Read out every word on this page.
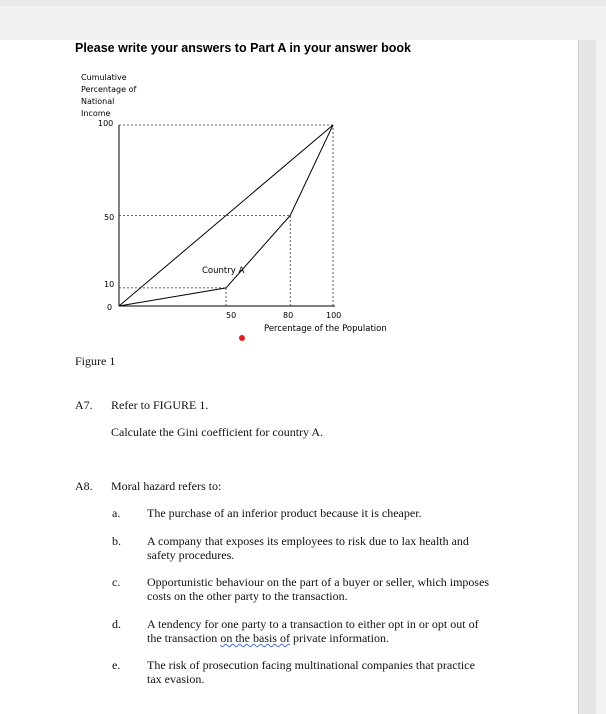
Please write your answers to Part A in your answer book
Cumulative
Percentage of
National
Income
100
50
10
0
50	80	100
Country A
Percentage of the Population
Figure 1
A7. Refer to FIGURE 1.
Calculate the Gini coefficient for country A.
A8. Moral hazard refers to:
a. The purchase of an inferior product because it is cheaper.
b. A company that exposes its employees to risk due to lax health and
safety procedures.
c. Opportunistic behaviour on the part of a buyer or seller, which imposes
costs on the other party to the transaction.
d. A tendency for one party to a transaction to either opt in or opt out of
the transaction on the basis of private information.
e. The risk of prosecution facing multinational companies that practice
tax evasion.
